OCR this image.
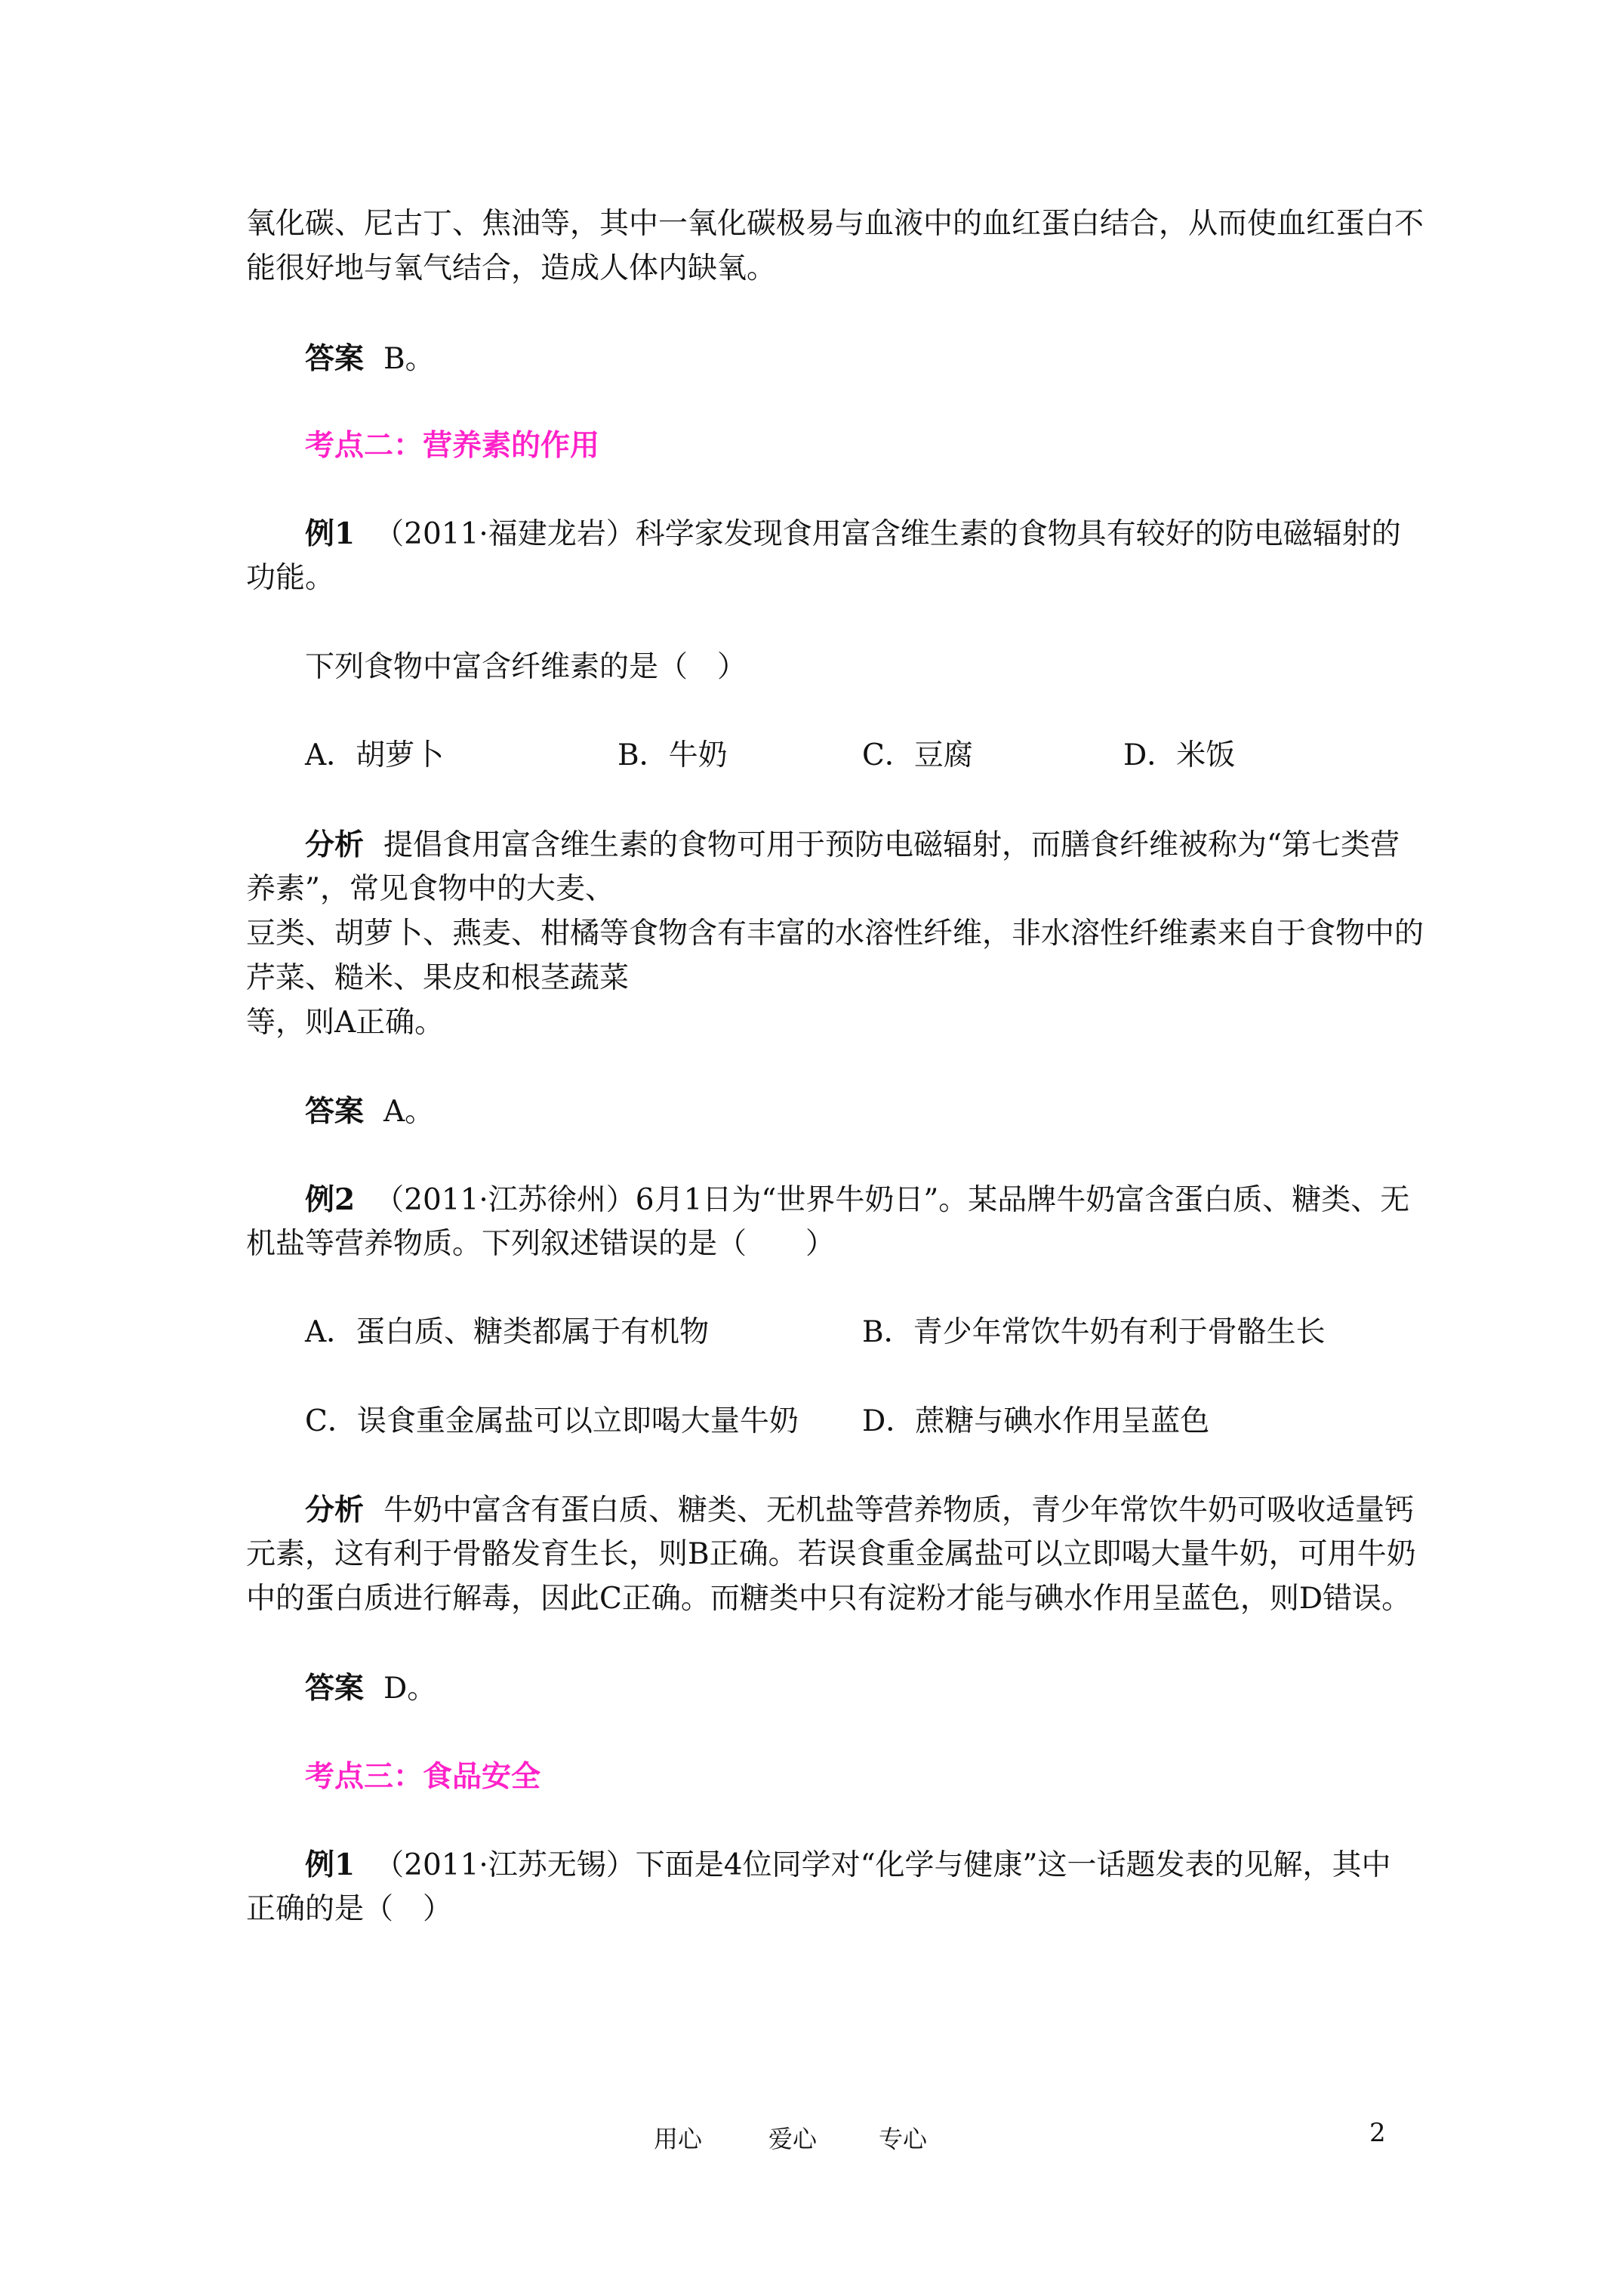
氧化碳、尼古丁、焦油等，其中一氧化碳极易与血液中的血红蛋白结合，从而使血红蛋白不
能很好地与氧气结合，造成人体内缺氧。
答案 B。
考点二：营养素的作用
例1 （2011·福建龙岩）科学家发现食用富含维生素的食物具有较好的防电磁辐射的
功能。
下列食物中富含纤维素的是（　）
A．胡萝卜	B．牛奶	C．豆腐	D．米饭
分析 提倡食用富含维生素的食物可用于预防电磁辐射，而膳食纤维被称为“第七类营
养素”，常见食物中的大麦、
豆类、胡萝卜、燕麦、柑橘等食物含有丰富的水溶性纤维，非水溶性纤维素来自于食物中的
芹菜、糙米、果皮和根茎蔬菜
等，则A正确。
答案 A。
例2 （2011·江苏徐州）6月1日为“世界牛奶日”。某品牌牛奶富含蛋白质、糖类、无
机盐等营养物质。下列叙述错误的是（　　）
A．蛋白质、糖类都属于有机物	B．青少年常饮牛奶有利于骨骼生长
C．误食重金属盐可以立即喝大量牛奶 D．蔗糖与碘水作用呈蓝色
分析 牛奶中富含有蛋白质、糖类、无机盐等营养物质，青少年常饮牛奶可吸收适量钙
元素，这有利于骨骼发育生长，则B正确。若误食重金属盐可以立即喝大量牛奶，可用牛奶
中的蛋白质进行解毒，因此C正确。而糖类中只有淀粉才能与碘水作用呈蓝色，则D错误。
答案 D。
考点三：食品安全
例1 （2011·江苏无锡）下面是4位同学对“化学与健康”这一话题发表的见解，其中
正确的是（　）
用心	爱心	专心	2
